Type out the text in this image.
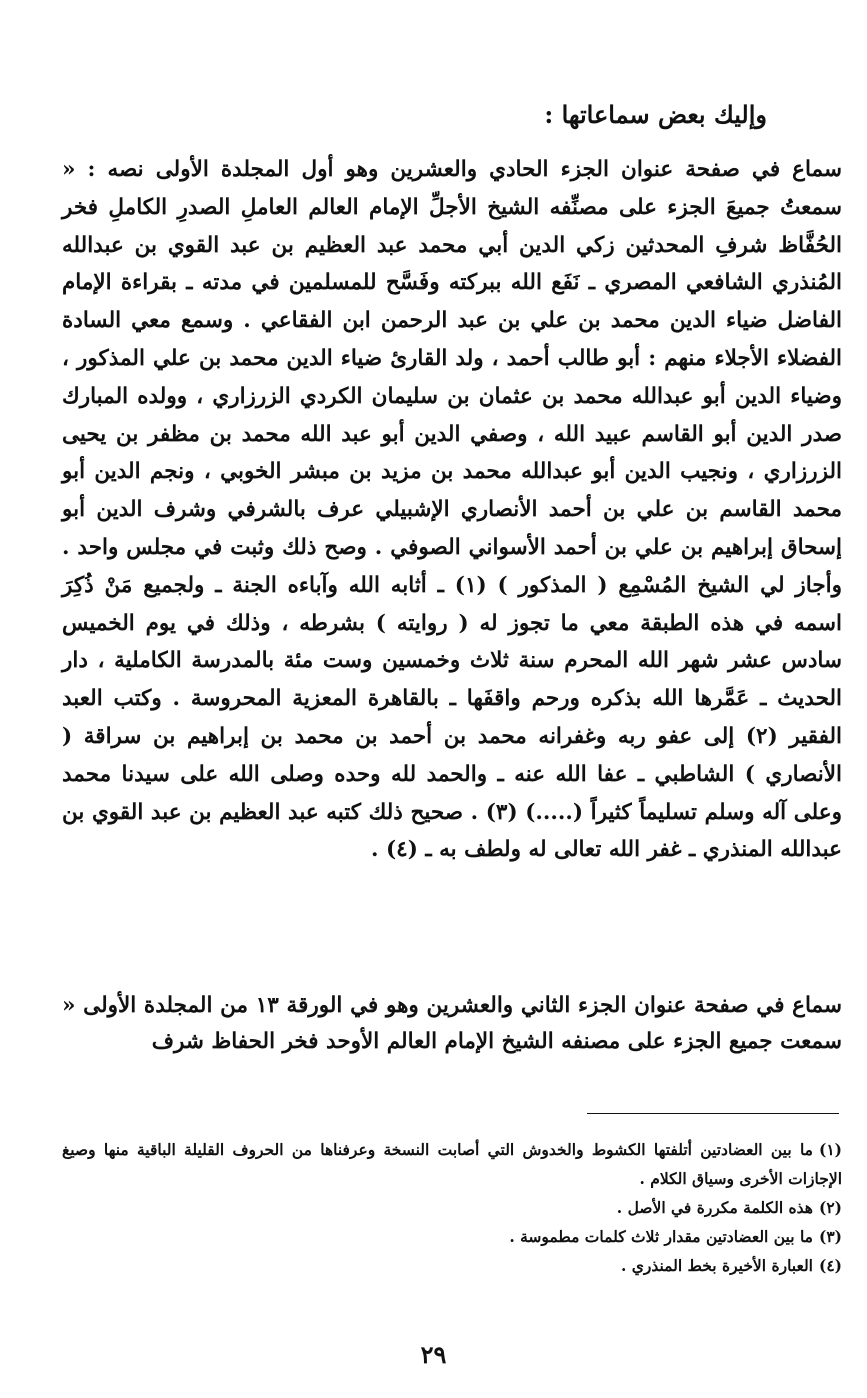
وإليك بعض سماعاتها :
سماع في صفحة عنوان الجزء الحادي والعشرين وهو أول المجلدة الأولى نصه : « سمعتُ جميعَ الجزء على مصنِّفه الشيخ الأجلِّ الإمام العالم العاملِ الصدرِ الكاملِ فخر الحُفَّاظ شرفِ المحدثين زكي الدين أبي محمد عبد العظيم بن عبد القوي بن عبدالله المُنذري الشافعي المصري ـ نَفَع الله ببركته وفَسَّح للمسلمين في مدته ـ بقراءة الإمام الفاضل ضياء الدين محمد بن علي بن عبد الرحمن ابن الفقاعي . وسمع معي السادة الفضلاء الأجلاء منهم : أبو طالب أحمد ، ولد القارئ ضياء الدين محمد بن علي المذكور ، وضياء الدين أبو عبدالله محمد بن عثمان بن سليمان الكردي الزرزاري ، وولده المبارك صدر الدين أبو القاسم عبيد الله ، وصفي الدين أبو عبد الله محمد بن مظفر بن يحيى الزرزاري ، ونجيب الدين أبو عبدالله محمد بن مزيد بن مبشر الخوبي ، ونجم الدين أبو محمد القاسم بن علي بن أحمد الأنصاري الإشبيلي عرف بالشرفي وشرف الدين أبو إسحاق إبراهيم بن علي بن أحمد الأسواني الصوفي . وصح ذلك وثبت في مجلس واحد . وأجاز لي الشيخ المُسْمِع ( المذكور ) (١) ـ أثابه الله وآباءه الجنة ـ ولجميع مَنْ ذُكِرَ اسمه في هذه الطبقة معي ما تجوز له ( روايته ) بشرطه ، وذلك في يوم الخميس سادس عشر شهر الله المحرم سنة ثلاث وخمسين وست مئة بالمدرسة الكاملية ، دار الحديث ـ عَمَّرها الله بذكره ورحم واقفَها ـ بالقاهرة المعزية المحروسة . وكتب العبد الفقير (٢) إلى عفو ربه وغفرانه محمد بن أحمد بن محمد بن إبراهيم بن سراقة ( الأنصاري ) الشاطبي ـ عفا الله عنه ـ والحمد لله وحده وصلى الله على سيدنا محمد وعلى آله وسلم تسليماً كثيراً (.....) (٣) . صحيح ذلك كتبه عبد العظيم بن عبد القوي بن عبدالله المنذري ـ غفر الله تعالى له ولطف به ـ (٤) .
سماع في صفحة عنوان الجزء الثاني والعشرين وهو في الورقة ١٣ من المجلدة الأولى « سمعت جميع الجزء على مصنفه الشيخ الإمام العالم الأوحد فخر الحفاظ شرف

(١)ما بين العضادتين أتلفتها الكشوط والخدوش التي أصابت النسخة وعرفناها من الحروف القليلة الباقية منها وصيغ الإجازات الأخرى وسياق الكلام .

(٢)هذه الكلمة مكررة في الأصل .

(٣)ما بين العضادتين مقدار ثلاث كلمات مطموسة .

(٤)العبارة الأخيرة بخط المنذري .

٢٩
